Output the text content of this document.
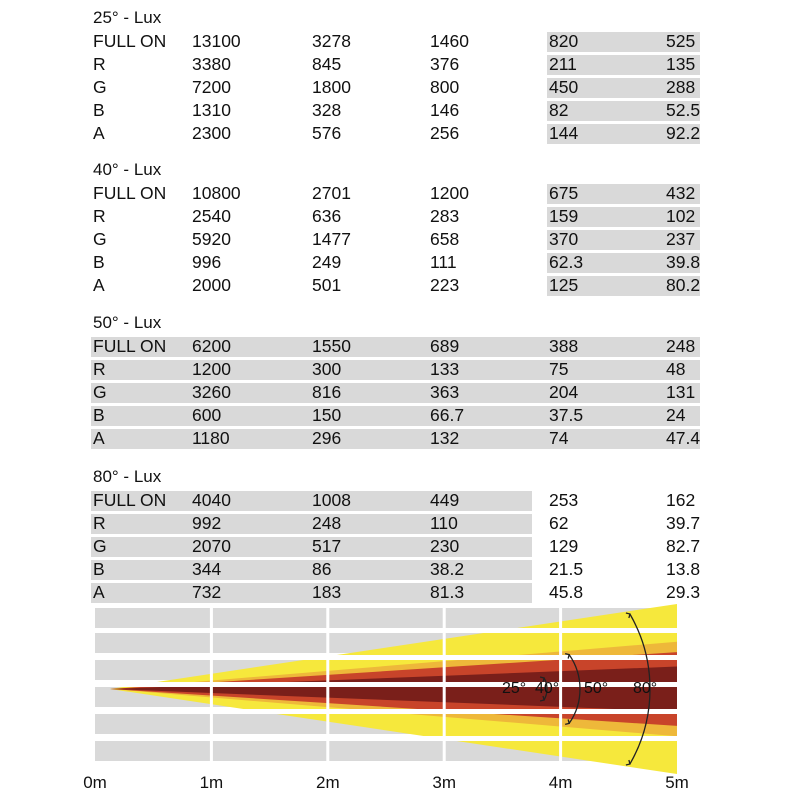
25° - Lux
FULL ON 13100	3278	1460	820	525
R	3380	845	376	211	135
G	7200	1800	800	450	288
B	1310	328	146	82	52.5
A	2300	576	256	144	92.2
40° - Lux
FULL ON 10800	2701	1200	675	432
R	2540	636	283	159	102
G	5920	1477	658	370	237
B	996	249	111	62.3	39.8
A	2000	501	223	125	80.2
50° - Lux
FULL ON 6200	1550	689	388	248
R	1200	300	133	75	48
G	3260	816	363	204	131
B	600	150	66.7	37.5	24
A	1180	296	132	74	47.4
80° - Lux
FULL ON 4040	1008	449	253	162
R	992	248	110	62	39.7
G	2070	517	230	129	82.7
B	344	86	38.2	21.5	13.8
A	732	183	81.3	45.8	29.3
80°
50°
40°
25°
0m	1m	2m	3m	4m	5m
